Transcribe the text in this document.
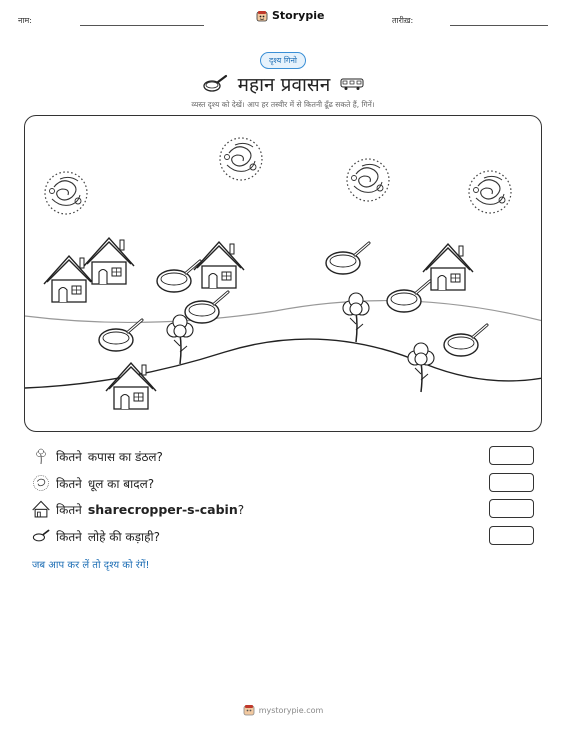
नाम:	Storypie	तारीख़:
दृश्य गिनो
महान प्रवासन
व्यस्त दृश्य को देखें। आप हर तस्वीर में से कितनी ढूँढ सकते हैं, गिनें।
कितने कपास का डंठल?
कितने धूल का बादल?
कितने sharecropper-s-cabin?
कितने लोहे की कड़ाही?
जब आप कर लें तो दृश्य को रंगें!
mystorypie.com
